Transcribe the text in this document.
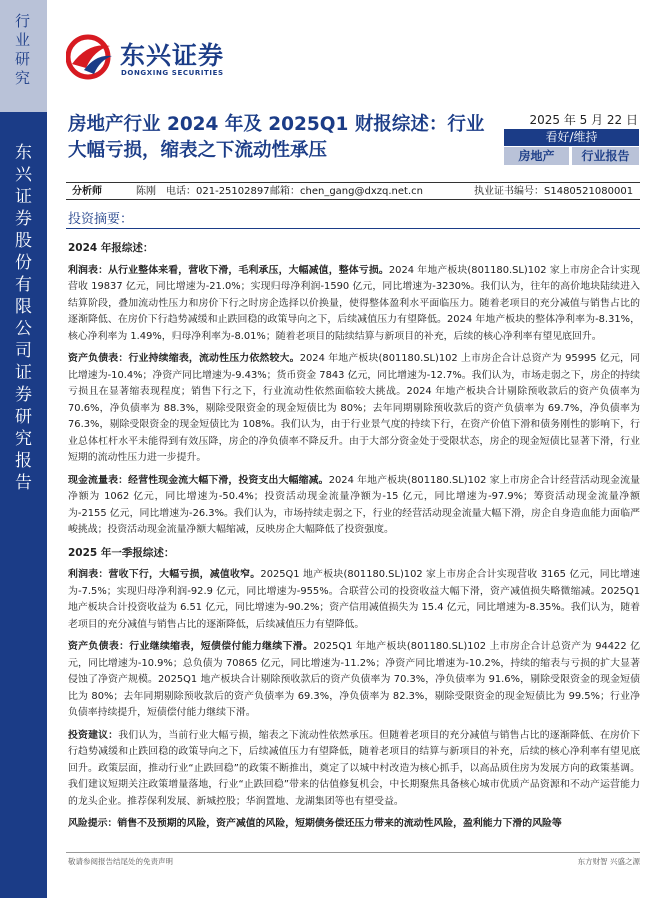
行
业
研
究
东
兴
证
券
股
份
有
限
公
司
证
券
研
究
报
告
东兴证券
DONGXING SECURITIES
房地产行业 2024 年及 2025Q1 财报综述：行业大幅亏损，缩表之下流动性承压
2025 年 5 月 22 日
看好/维持
房地产	行业报告
分析师	陈刚 电话：021-25102897 邮箱：chen_gang@dxzq.net.cn	执业证书编号：S1480521080001
投资摘要：
2024 年报综述：

利润表：从行业整体来看，营收下滑，毛利承压，大幅减值，整体亏损。2024 年地产板块(801180.SL)102 家上市房企合计实现营收 19837 亿元，同比增速为-21.0%；实现归母净利润-1590 亿元，同比增速为-3230%。我们认为，往年的高价地块陆续进入结算阶段，叠加流动性压力和房价下行之时房企选择以价换量，使得整体盈利水平面临压力。随着老项目的充分减值与销售占比的逐渐降低、在房价下行趋势减缓和止跌回稳的政策导向之下，后续减值压力有望降低。2024 年地产板块的整体净利率为-8.31%，核心净利率为 1.49%，归母净利率为-8.01%；随着老项目的陆续结算与新项目的补充，后续的核心净利率有望见底回升。

资产负债表：行业持续缩表，流动性压力依然较大。2024 年地产板块(801180.SL)102 上市房企合计总资产为 95995 亿元，同比增速为-10.4%；净资产同比增速为-9.43%；货币资金 7843 亿元，同比增速为-12.7%。我们认为，市场走弱之下，房企的持续亏损且在显著缩表现程度；销售下行之下，行业流动性依然面临较大挑战。2024 年地产板块合计剔除预收款后的资产负债率为 70.6%，净负债率为 88.3%，剔除受限资金的现金短债比为 80%；去年同期剔除预收款后的资产负债率为 69.7%，净负债率为 76.3%，剔除受限资金的现金短债比为 108%。我们认为，由于行业景气度的持续下行，在资产价值下滑和债务刚性的影响下，行业总体杠杆水平未能得到有效压降，房企的净负债率不降反升。由于大部分资金处于受限状态，房企的现金短债比显著下滑，行业短期的流动性压力进一步提升。

现金流量表：经营性现金流大幅下滑，投资支出大幅缩减。2024 年地产板块(801180.SL)102 家上市房企合计经营活动现金流量净额为 1062 亿元，同比增速为-50.4%；投资活动现金流量净额为-15 亿元，同比增速为-97.9%；筹资活动现金流量净额为-2155 亿元，同比增速为-26.3%。我们认为，市场持续走弱之下，行业的经营活动现金流量大幅下滑，房企自身造血能力面临严峻挑战；投资活动现金流量净额大幅缩减，反映房企大幅降低了投资强度。

2025 年一季报综述：

利润表：营收下行，大幅亏损，减值收窄。2025Q1 地产板块(801180.SL)102 家上市房企合计实现营收 3165 亿元，同比增速为-7.5%；实现归母净利润-92.9 亿元，同比增速为-955%。合联营公司的投资收益大幅下滑，资产减值损失略微缩减。2025Q1 地产板块合计投资收益为 6.51 亿元，同比增速为-90.2%；资产信用减值损失为 15.4 亿元，同比增速为-8.35%。我们认为，随着老项目的充分减值与销售占比的逐渐降低，后续减值压力有望降低。

资产负债表：行业继续缩表，短债偿付能力继续下滑。2025Q1 年地产板块(801180.SL)102 上市房企合计总资产为 94422 亿元，同比增速为-10.9%；总负债为 70865 亿元，同比增速为-11.2%；净资产同比增速为-10.2%，持续的缩表与亏损的扩大显著侵蚀了净资产规模。2025Q1 地产板块合计剔除预收款后的资产负债率为 70.3%，净负债率为 91.6%，剔除受限资金的现金短债比为 80%；去年同期剔除预收款后的资产负债率为 69.3%，净负债率为 82.3%，剔除受限资金的现金短债比为 99.5%；行业净负债率持续提升，短债偿付能力继续下滑。

投资建议：我们认为，当前行业大幅亏损，缩表之下流动性依然承压。但随着老项目的充分减值与销售占比的逐渐降低、在房价下行趋势减缓和止跌回稳的政策导向之下，后续减值压力有望降低，随着老项目的结算与新项目的补充，后续的核心净利率有望见底回升。政策层面，推动行业“止跌回稳”的政策不断推出，奠定了以城中村改造为核心抓手，以高品质住房为发展方向的政策基调。我们建议短期关注政策增量落地，行业“止跌回稳”带来的估值修复机会，中长期聚焦具备核心城市优质产品资源和不动产运营能力的龙头企业。推荐保利发展、新城控股；华润置地、龙湖集团等也有望受益。

风险提示：销售不及预期的风险，资产减值的风险，短期债务偿还压力带来的流动性风险，盈利能力下滑的风险等

敬请参阅报告结尾处的免责声明	东方财智 兴盛之源
